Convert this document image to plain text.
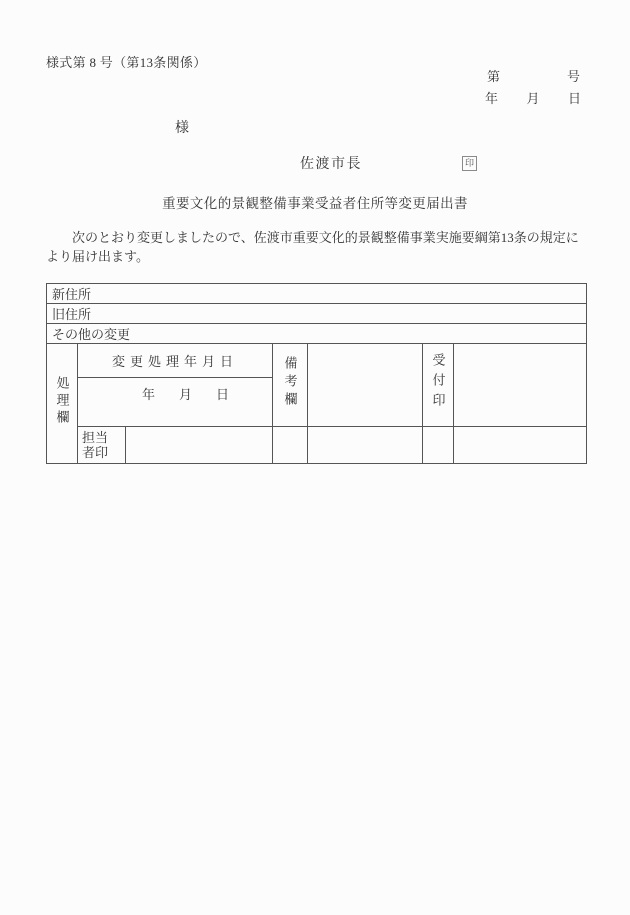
様式第 8 号（第13条関係）
第	号
年 月 日
様
佐渡市長	印
重要文化的景観整備事業受益者住所等変更届出書
次のとおり変更しましたので、佐渡市重要文化的景観整備事業実施要綱第13条の規定に
より届け出ます。
新住所						
旧住所						
その他の変更						
処理欄	変更処理年月日		備考欄		受付印	

	年 月 日					

	担当者印					
